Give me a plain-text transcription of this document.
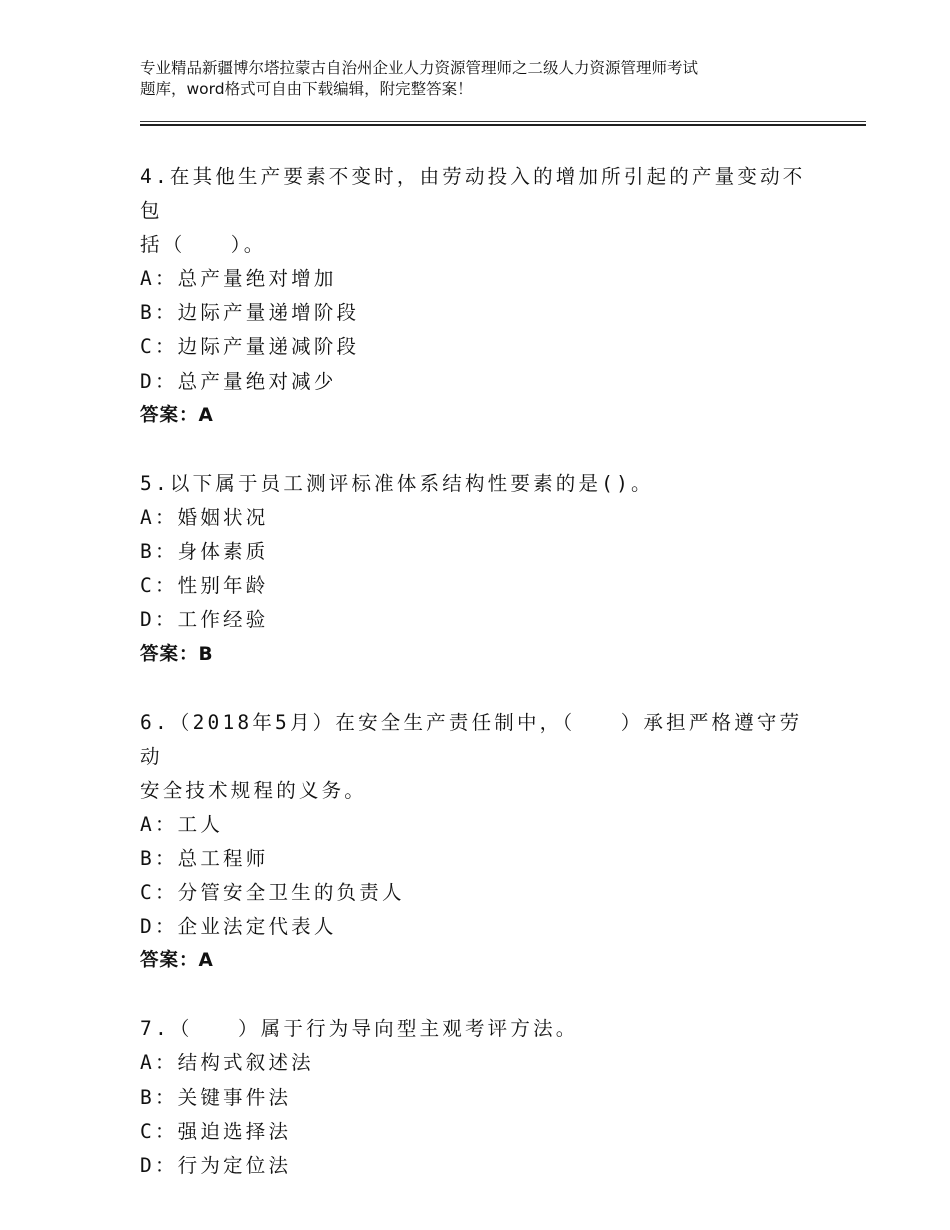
专业精品新疆博尔塔拉蒙古自治州企业人力资源管理师之二级人力资源管理师考试
题库，word格式可自由下载编辑，附完整答案！
4.在其他生产要素不变时，由劳动投入的增加所引起的产量变动不包
括（　　）。
A：总产量绝对增加
B：边际产量递增阶段
C：边际产量递减阶段
D：总产量绝对减少
答案：A
5.以下属于员工测评标准体系结构性要素的是()。
A：婚姻状况
B：身体素质
C：性别年龄
D：工作经验
答案：B
6.（2018年5月）在安全生产责任制中，（　　）承担严格遵守劳动
安全技术规程的义务。
A：工人
B：总工程师
C：分管安全卫生的负责人
D：企业法定代表人
答案：A
7.（　　）属于行为导向型主观考评方法。
A：结构式叙述法
B：关键事件法
C：强迫选择法
D：行为定位法
